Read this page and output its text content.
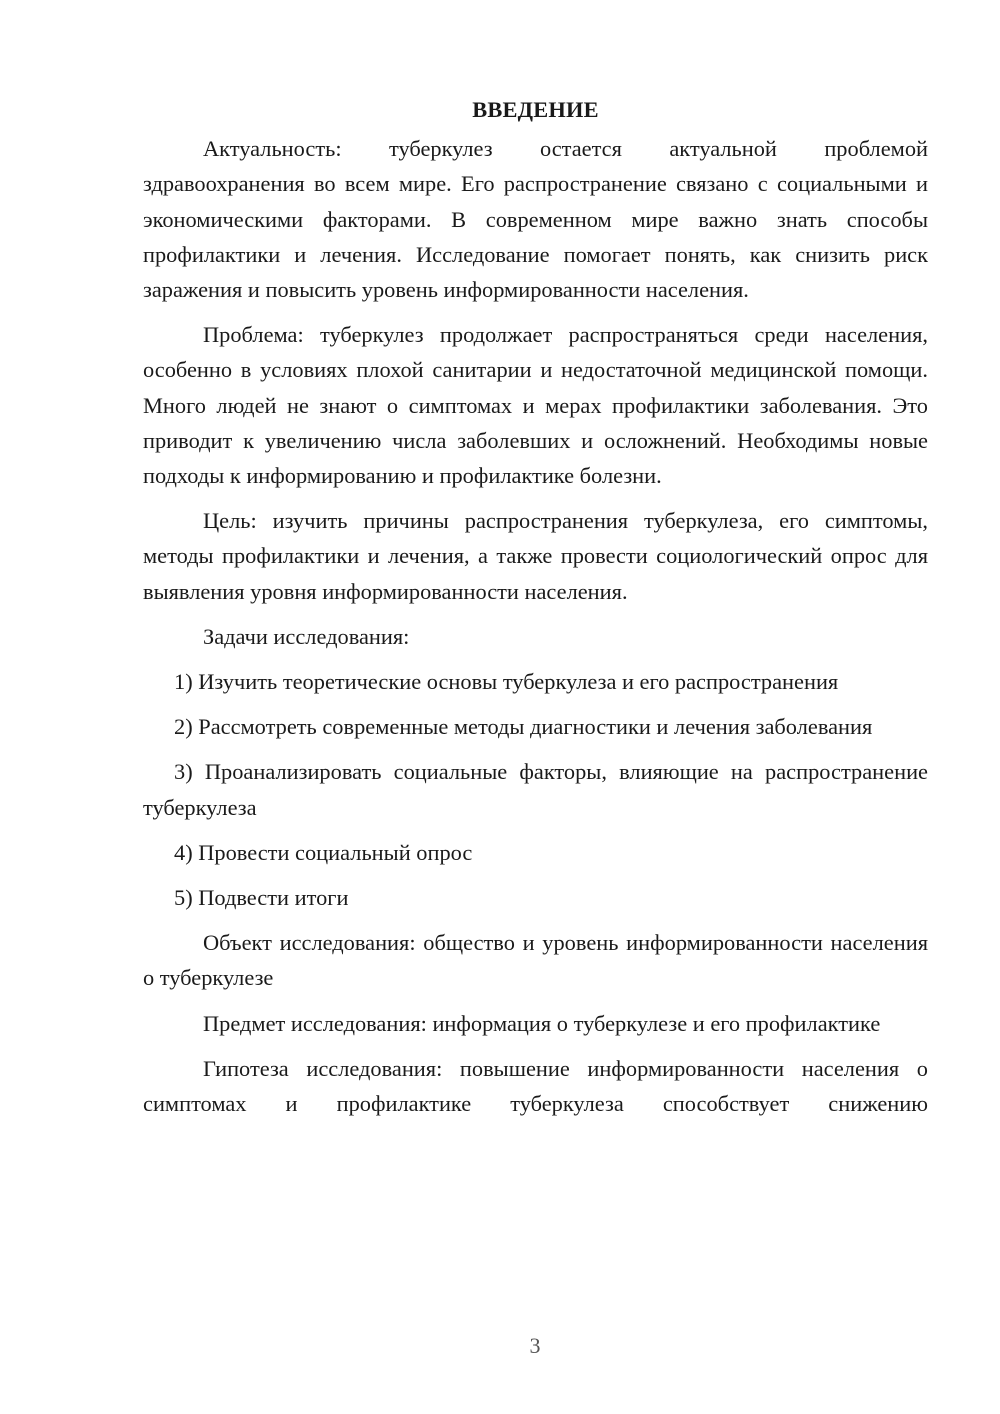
ВВЕДЕНИЕ

Актуальность: туберкулез остается актуальной проблемой здравоохранения во всем мире. Его распространение связано с социальными и экономическими факторами. В современном мире важно знать способы профилактики и лечения. Исследование помогает понять, как снизить риск заражения и повысить уровень информированности населения.

Проблема: туберкулез продолжает распространяться среди населения, особенно в условиях плохой санитарии и недостаточной медицинской помощи. Много людей не знают о симптомах и мерах профилактики заболевания. Это приводит к увеличению числа заболевших и осложнений. Необходимы новые подходы к информированию и профилактике болезни.

Цель: изучить причины распространения туберкулеза, его симптомы, методы профилактики и лечения, а также провести социологический опрос для выявления уровня информированности населения.

Задачи исследования:

1) Изучить теоретические основы туберкулеза и его распространения

2) Рассмотреть современные методы диагностики и лечения заболевания

3) Проанализировать социальные факторы, влияющие на распространение туберкулеза

4) Провести социальный опрос

5) Подвести итоги

Объект исследования: общество и уровень информированности населения о туберкулезе

Предмет исследования: информация о туберкулезе и его профилактике

Гипотеза исследования: повышение информированности населения о симптомах и профилактике туберкулеза способствует снижению

3
